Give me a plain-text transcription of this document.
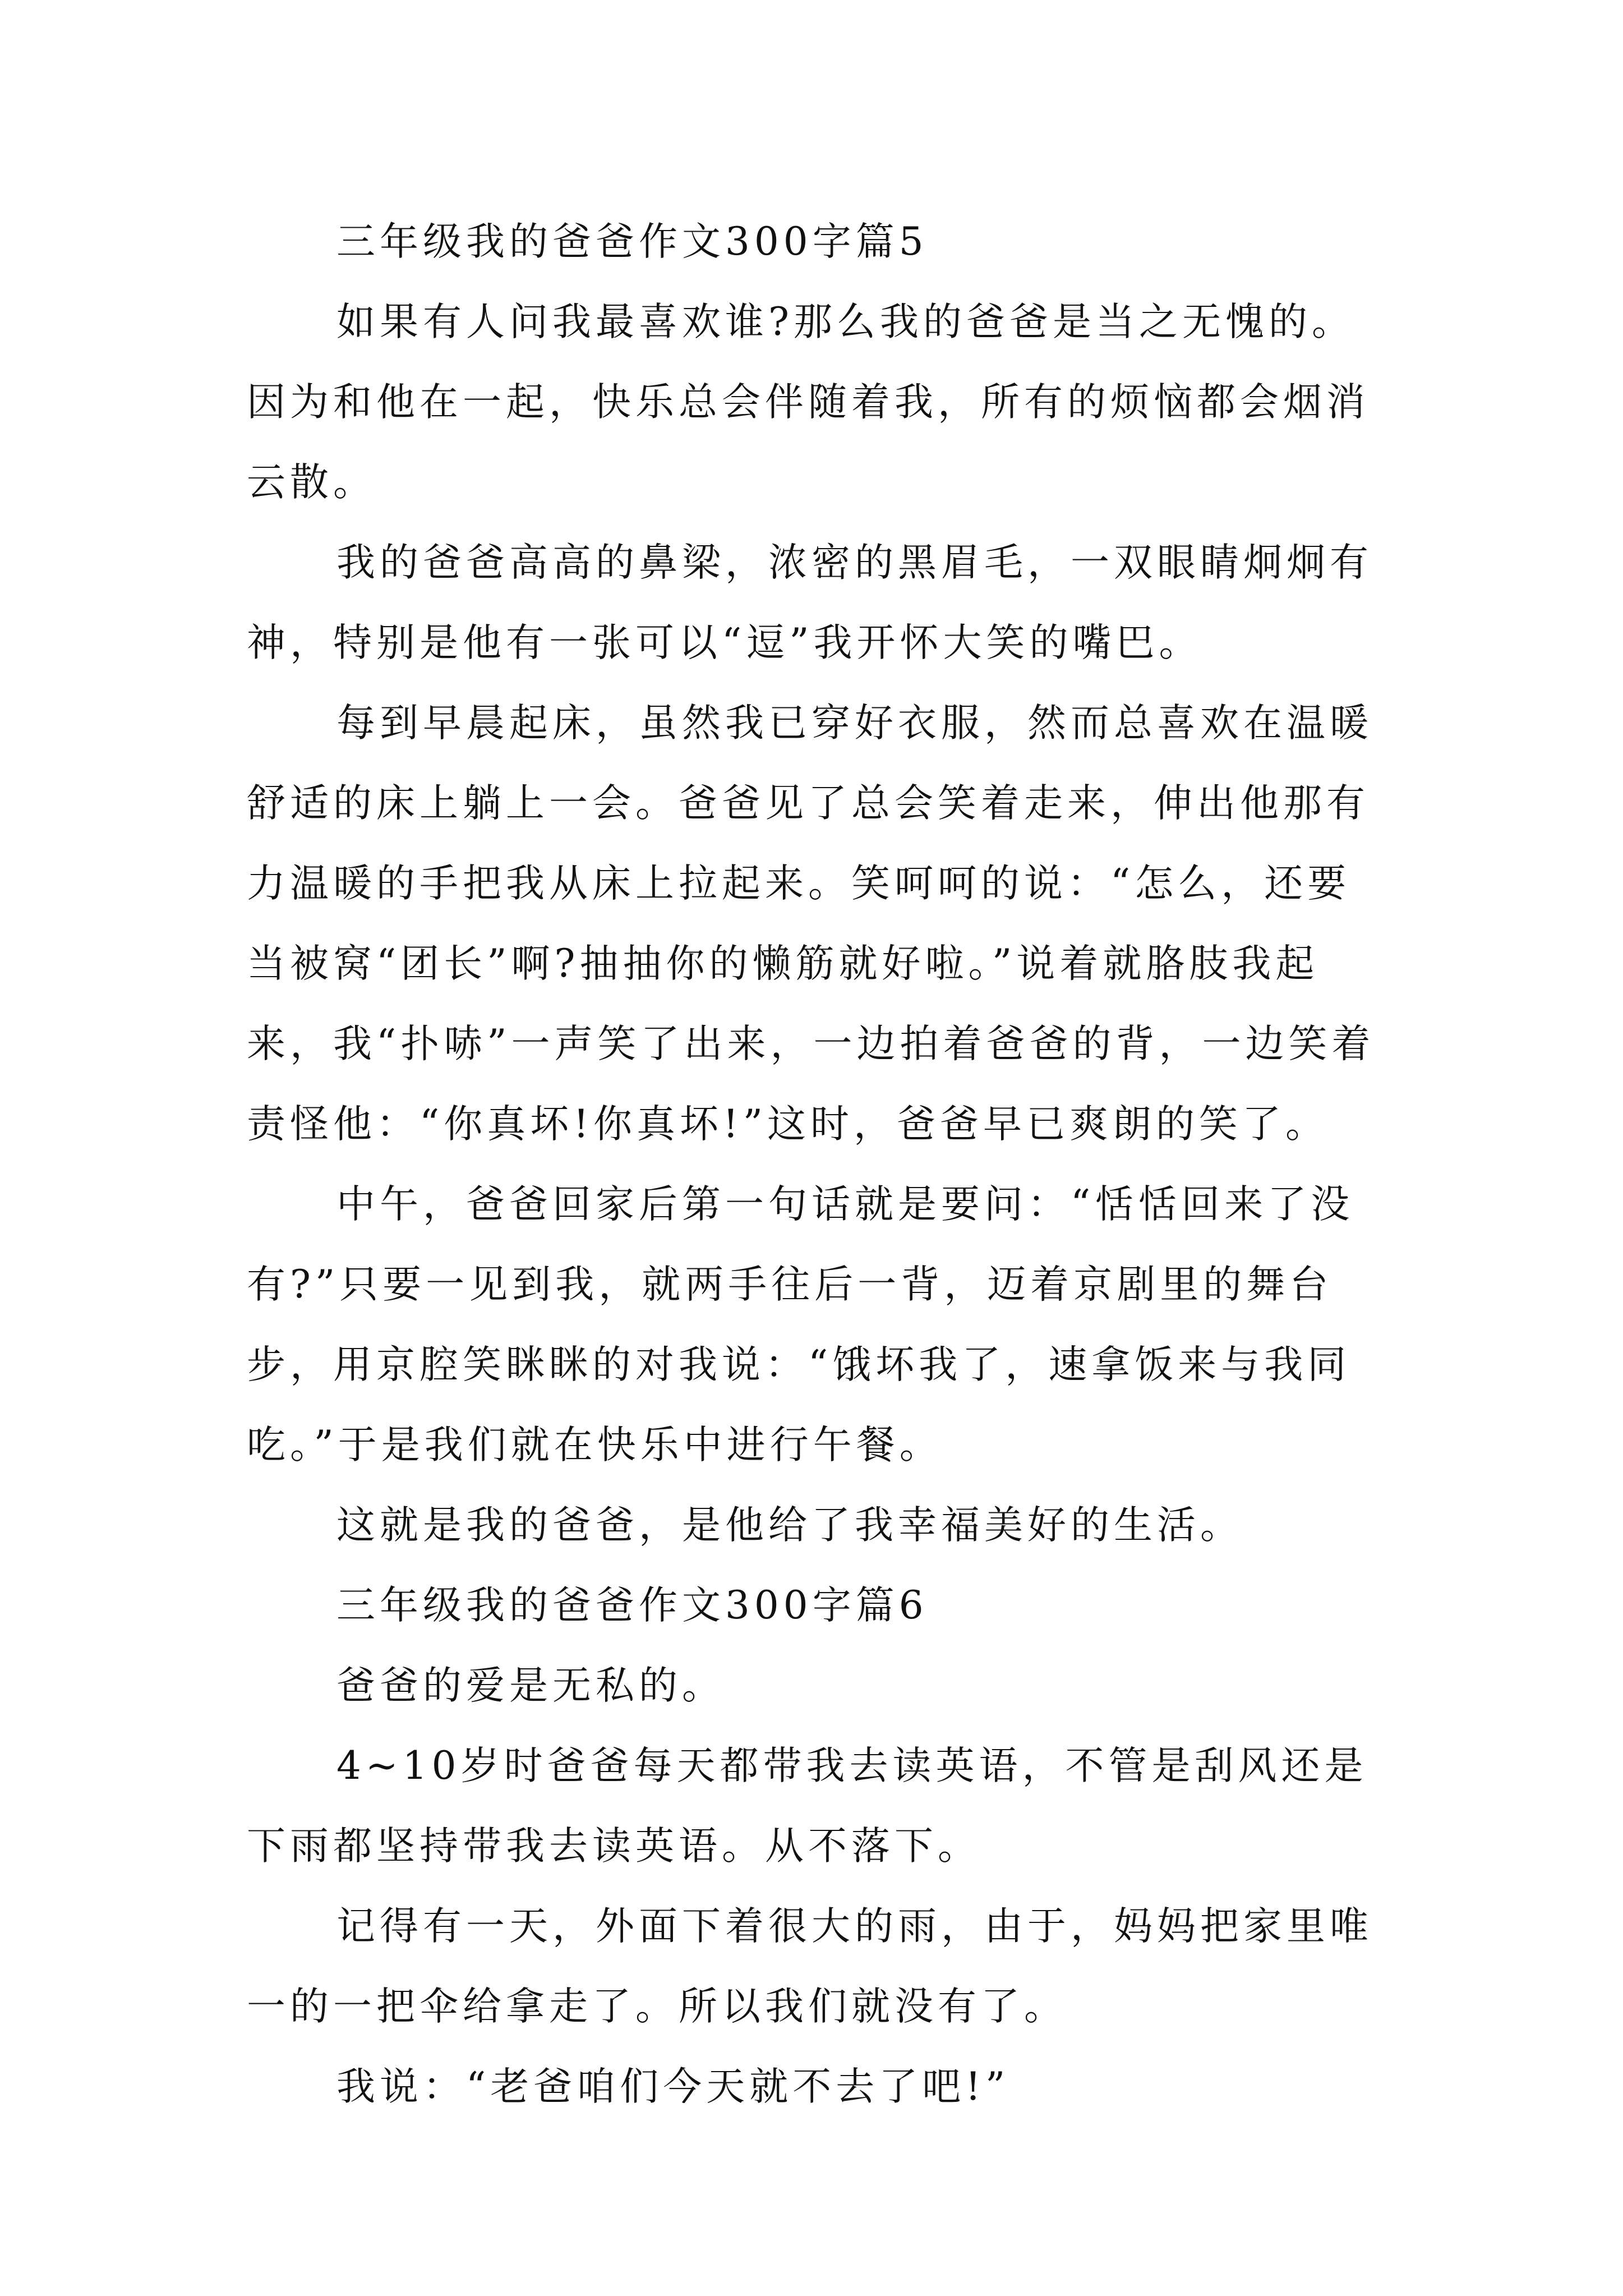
三年级我的爸爸作文300字篇5

如果有人问我最喜欢谁?那么我的爸爸是当之无愧的。因为和他在一起，快乐总会伴随着我，所有的烦恼都会烟消云散。

我的爸爸高高的鼻梁，浓密的黑眉毛，一双眼睛炯炯有神，特别是他有一张可以“逗”我开怀大笑的嘴巴。

每到早晨起床，虽然我已穿好衣服，然而总喜欢在温暖舒适的床上躺上一会。爸爸见了总会笑着走来，伸出他那有力温暖的手把我从床上拉起来。笑呵呵的说：“怎么，还要当被窝“团长”啊?抽抽你的懒筋就好啦。”说着就胳肢我起来，我“扑哧”一声笑了出来，一边拍着爸爸的背，一边笑着责怪他：“你真坏!你真坏!”这时，爸爸早已爽朗的笑了。

中午，爸爸回家后第一句话就是要问：“恬恬回来了没有?”只要一见到我，就两手往后一背，迈着京剧里的舞台步，用京腔笑眯眯的对我说：“饿坏我了，速拿饭来与我同吃。”于是我们就在快乐中进行午餐。

这就是我的爸爸，是他给了我幸福美好的生活。

三年级我的爸爸作文300字篇6

爸爸的爱是无私的。

4~10岁时爸爸每天都带我去读英语，不管是刮风还是下雨都坚持带我去读英语。从不落下。

记得有一天，外面下着很大的雨，由于，妈妈把家里唯一的一把伞给拿走了。所以我们就没有了。

我说：“老爸咱们今天就不去了吧!”
